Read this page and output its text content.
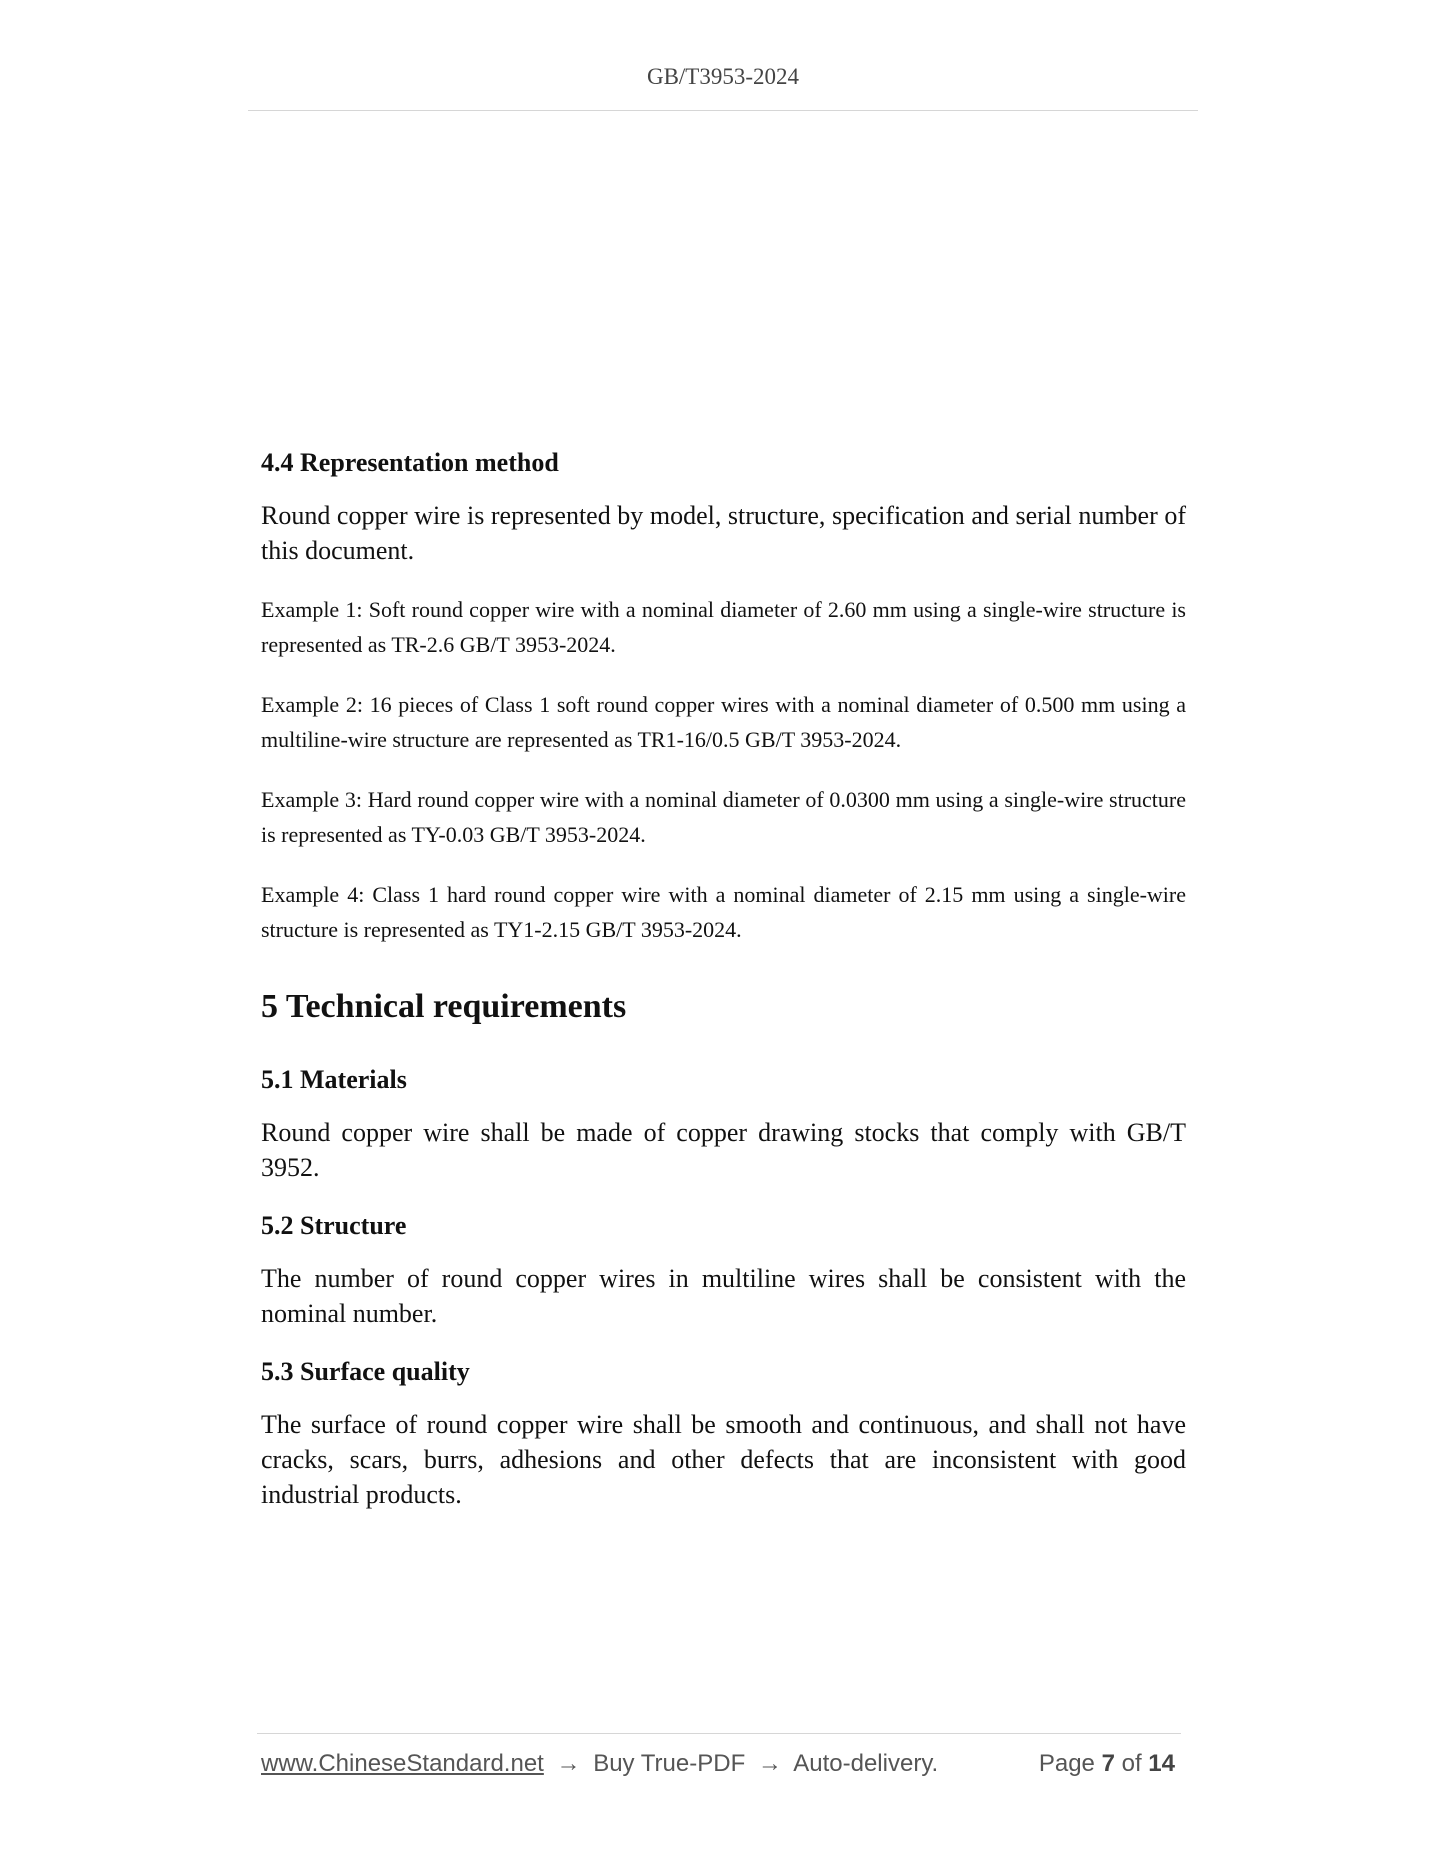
GB/T3953-2024
4.4 Representation method

Round copper wire is represented by model, structure, specification and serial number of this document.

Example 1: Soft round copper wire with a nominal diameter of 2.60 mm using a single-wire structure is represented as TR-2.6 GB/T 3953-2024.

Example 2: 16 pieces of Class 1 soft round copper wires with a nominal diameter of 0.500 mm using a multiline-wire structure are represented as TR1-16/0.5 GB/T 3953-2024.

Example 3: Hard round copper wire with a nominal diameter of 0.0300 mm using a single-wire structure is represented as TY-0.03 GB/T 3953-2024.

Example 4: Class 1 hard round copper wire with a nominal diameter of 2.15 mm using a single-wire structure is represented as TY1-2.15 GB/T 3953-2024.

5 Technical requirements
5.1 Materials

Round copper wire shall be made of copper drawing stocks that comply with GB/T 3952.

5.2 Structure

The number of round copper wires in multiline wires shall be consistent with the nominal number.

5.3 Surface quality

The surface of round copper wire shall be smooth and continuous, and shall not have cracks, scars, burrs, adhesions and other defects that are inconsistent with good industrial products.

www.ChineseStandard.net → Buy True-PDF → Auto-delivery.	Page 7 of 14
